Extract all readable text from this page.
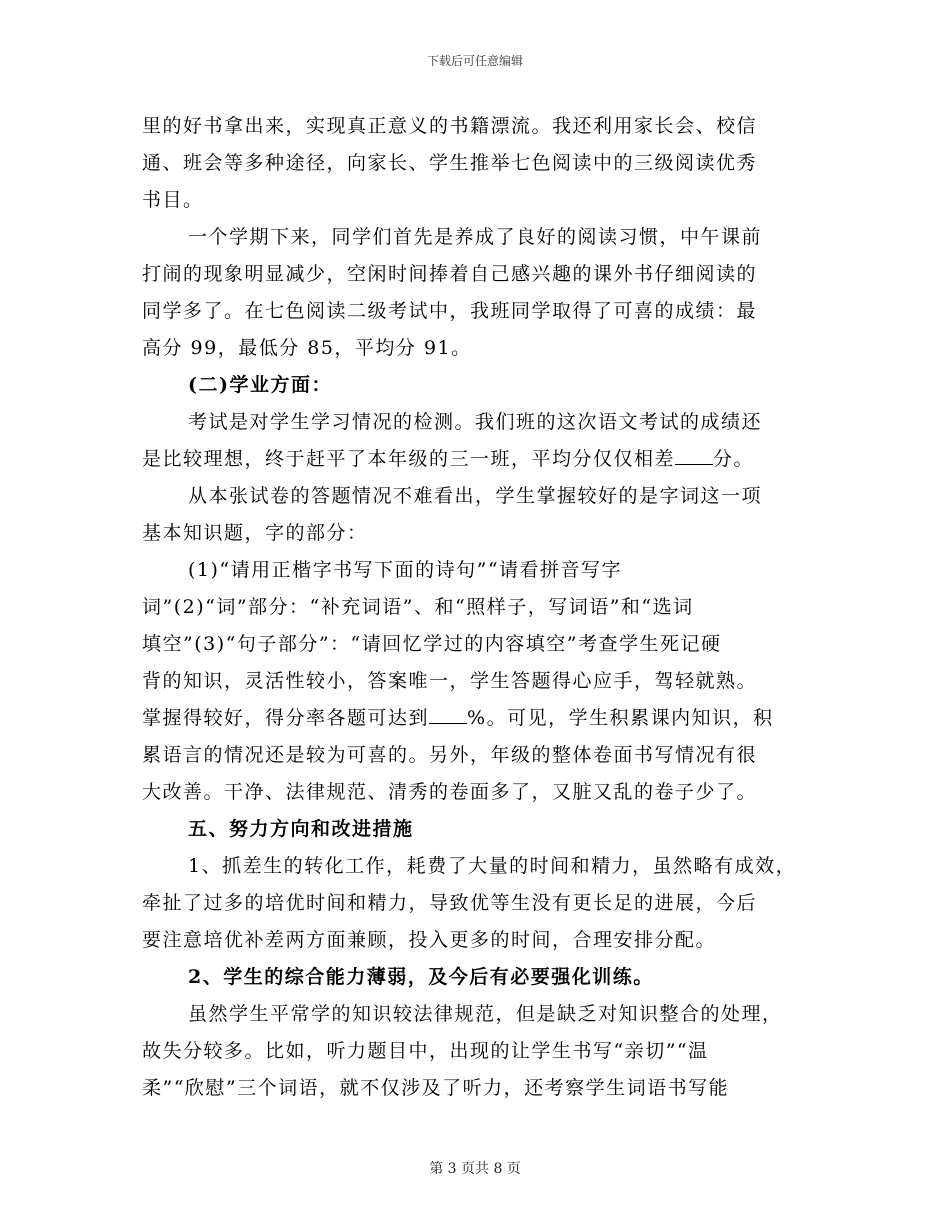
下载后可任意编辑
里的好书拿出来，实现真正意义的书籍漂流。我还利用家长会、校信
通、班会等多种途径，向家长、学生推举七色阅读中的三级阅读优秀
书目。
一个学期下来，同学们首先是养成了良好的阅读习惯，中午课前
打闹的现象明显减少，空闲时间捧着自己感兴趣的课外书仔细阅读的
同学多了。在七色阅读二级考试中，我班同学取得了可喜的成绩：最
高分 99，最低分 85，平均分 91。
(二)学业方面：
考试是对学生学习情况的检测。我们班的这次语文考试的成绩还
是比较理想，终于赶平了本年级的三一班，平均分仅仅相差 分。
从本张试卷的答题情况不难看出，学生掌握较好的是字词这一项
基本知识题，字的部分：
(1)“请用正楷字书写下面的诗句”“请看拼音写字
词”(2)“词”部分：“补充词语”、和“照样子，写词语”和“选词
填空”(3)“句子部分”：“请回忆学过的内容填空”考查学生死记硬
背的知识，灵活性较小，答案唯一，学生答题得心应手，驾轻就熟。
掌握得较好，得分率各题可达到 %。可见，学生积累课内知识，积
累语言的情况还是较为可喜的。另外，年级的整体卷面书写情况有很
大改善。干净、法律规范、清秀的卷面多了，又脏又乱的卷子少了。
五、努力方向和改进措施
1、抓差生的转化工作，耗费了大量的时间和精力，虽然略有成效，
牵扯了过多的培优时间和精力，导致优等生没有更长足的进展，今后
要注意培优补差两方面兼顾，投入更多的时间，合理安排分配。
2、学生的综合能力薄弱，及今后有必要强化训练。
虽然学生平常学的知识较法律规范，但是缺乏对知识整合的处理，
故失分较多。比如，听力题目中，出现的让学生书写“亲切”“温
柔”“欣慰”三个词语，就不仅涉及了听力，还考察学生词语书写能
第 3 页共 8 页
